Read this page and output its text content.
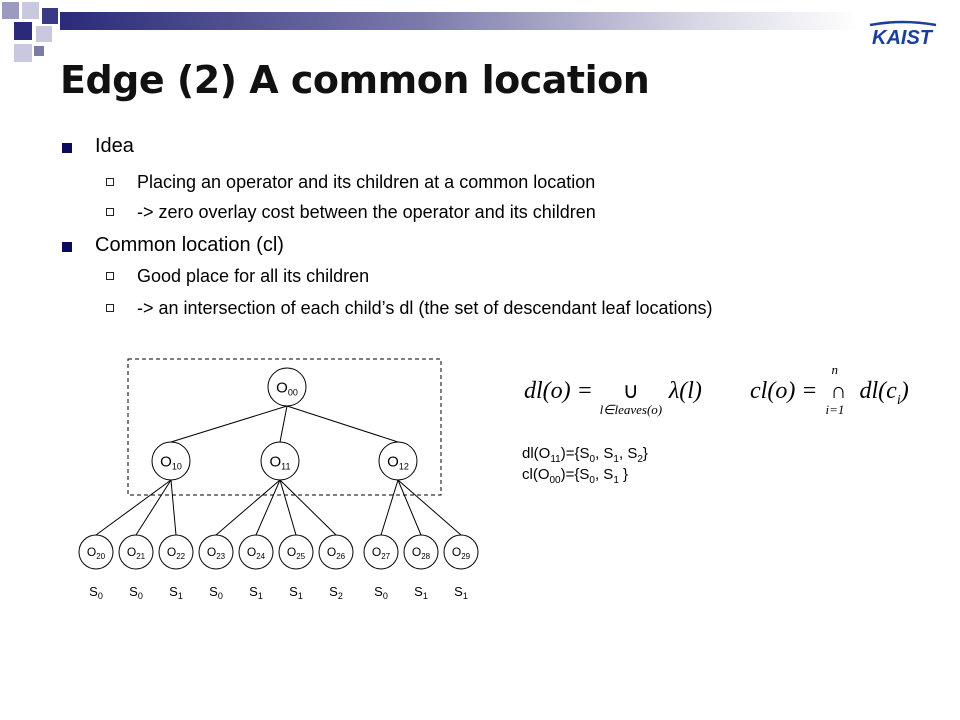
KAIST
Edge (2) A common location
Idea
Placing an operator and its children at a common location
-> zero overlay cost between the operator and its children
Common location (cl)
Good place for all its children
-> an intersection of each child’s dl (the set of descendant leaf locations)
$O_{00}$
$O_{10}$	$O_{11}$	$O_{12}$
$O_{20}$
$S_0$
$O_{21}$
$S_0$
$O_{22}$
$S_1$
$O_{23}$
$S_0$
$O_{24}$
$S_1$
$O_{25}$
$S_1$
$O_{26}$
$S_2$
$O_{27}$
$S_0$
$O_{28}$
$S_1$
$O_{29}$
$S_1$
dl(o) = ∪
l∈leaves(o)
λ(l) cl(o) =
n
∩
i=1
$dl(c_i)$
$dl(O_{11})=\{S_0$, $S_1$, $S_2$}
$cl(O_{00})=\{S_0$, $S_1$ }
